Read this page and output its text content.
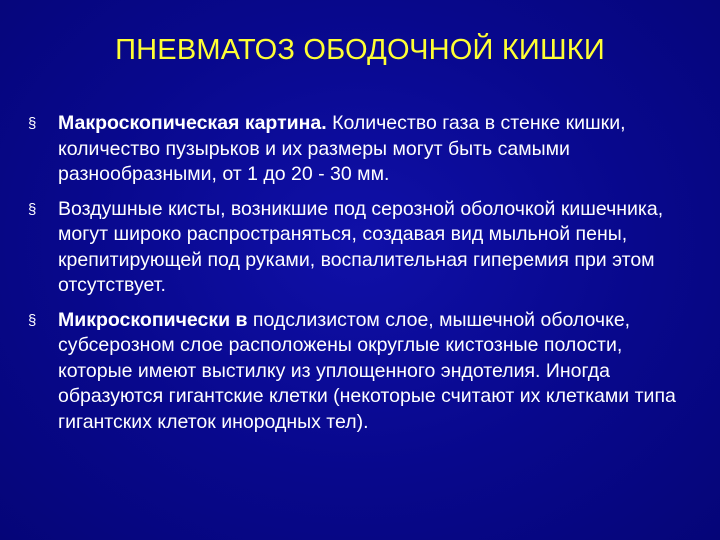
ПНЕВМАТОЗ ОБОДОЧНОЙ КИШКИ
§	Макроскопическая картина. Количество газа в стенке кишки, количество пузырьков и их размеры могут быть самыми разнообразными, от 1 до 20 - 30 мм.
§	Воздушные кисты, возникшие под серозной оболочкой кишечника, могут широко распространяться, создавая вид мыльной пены, крепитирующей под руками, воспалительная гиперемия при этом отсутствует.
§	Микроскопически в подслизистом слое, мышечной оболочке, субсерозном слое расположены округлые кистозные полости, которые имеют выстилку из уплощенного эндотелия. Иногда образуются гигантские клетки (некоторые считают их клетками типа гигантских клеток инородных тел).
